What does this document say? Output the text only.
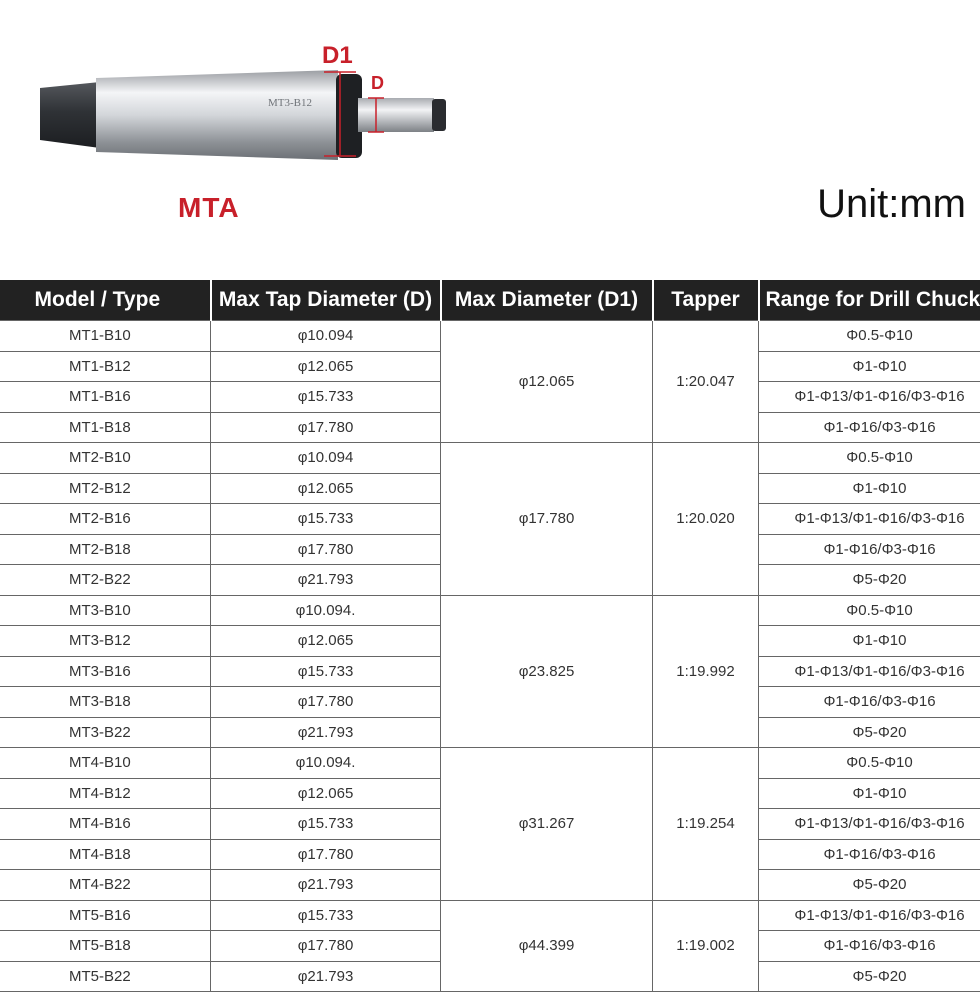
MT3-B12
D1
D
MTA	Unit:mm
Model / Type	Max Tap Diameter (D)	Max Diameter (D1)	Tapper	Range for Drill Chuck
MT1-B10	φ10.094	φ12.065	1:20.047	Φ0.5-Φ10
MT1-B12	φ12.065			Φ1-Φ10
MT1-B16	φ15.733			Φ1-Φ13/Φ1-Φ16/Φ3-Φ16
MT1-B18	φ17.780			Φ1-Φ16/Φ3-Φ16
MT2-B10	φ10.094	φ17.780	1:20.020	Φ0.5-Φ10
MT2-B12	φ12.065			Φ1-Φ10
MT2-B16	φ15.733			Φ1-Φ13/Φ1-Φ16/Φ3-Φ16
MT2-B18	φ17.780			Φ1-Φ16/Φ3-Φ16
MT2-B22	φ21.793			Φ5-Φ20
MT3-B10	φ10.094.	φ23.825	1:19.992	Φ0.5-Φ10
MT3-B12	φ12.065			Φ1-Φ10
MT3-B16	φ15.733			Φ1-Φ13/Φ1-Φ16/Φ3-Φ16
MT3-B18	φ17.780			Φ1-Φ16/Φ3-Φ16
MT3-B22	φ21.793			Φ5-Φ20
MT4-B10	φ10.094.	φ31.267	1:19.254	Φ0.5-Φ10
MT4-B12	φ12.065			Φ1-Φ10
MT4-B16	φ15.733			Φ1-Φ13/Φ1-Φ16/Φ3-Φ16
MT4-B18	φ17.780			Φ1-Φ16/Φ3-Φ16
MT4-B22	φ21.793			Φ5-Φ20
MT5-B16	φ15.733	φ44.399	1:19.002	Φ1-Φ13/Φ1-Φ16/Φ3-Φ16
MT5-B18	φ17.780			Φ1-Φ16/Φ3-Φ16
MT5-B22	φ21.793			Φ5-Φ20
